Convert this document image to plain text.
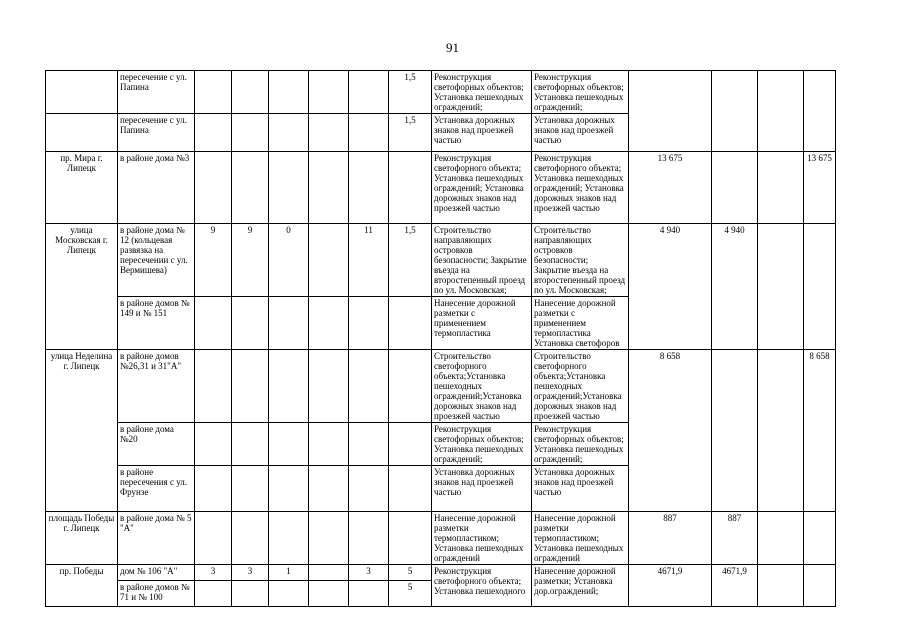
91
	пересечение с ул. Папина						1,5	Реконструкция светофорных объектов; Установка пешеходных ограждений;	Реконструкция светофорных объектов; Установка пешеходных ограждений;				
	пересечение с ул. Папина						1,5	Установка дорожных знаков над проезжей частью	Установка дорожных знаков над проезжей частью				
пр. Мира г. Липецк	в районе дома №3							Реконструкция светофорного объекта; Установка пешеходных ограждений; Установка дорожных знаков над проезжей частью	Реконструкция светофорного объекта; Установка пешеходных ограждений; Установка дорожных знаков над проезжей частью	13 675			13 675
улица Московская г. Липецк	в районе дома № 12 (кольцевая развязка на пересечении с ул. Вермишева)	9	9	0		11	1,5	Строительство направляющих островков безопасности; Закрытие въезда на второстепенный проезд по ул. Московская;	Строительство направляющих островков безопасности; Закрытие въезда на второстепенный проезд по ул. Московская;	4 940	4 940		
	в районе домов № 149 и № 151							Нанесение дорожной разметки с применением термопластика	Нанесение дорожной разметки с применением термопластика Установка светофоров				
улица Неделина г. Липецк	в районе домов №26,31 и 31"А"							Строительство светофорного объекта;Установка пешеходных ограждений;Установка дорожных знаков над проезжей частью	Строительство светофорного объекта;Установка пешеходных ограждений;Установка дорожных знаков над проезжей частью	8 658			8 658
	в районе дома №20							Реконструкция светофорных объектов; Установка пешеходных ограждений;	Реконструкция светофорных объектов; Установка пешеходных ограждений;				
	в районе пересечения с ул. Фрунзе							Установка дорожных знаков над проезжей частью	Установка дорожных знаков над проезжей частью				
площадь Победы г. Липецк	в районе дома № 5 "А"							Нанесение дорожной разметки термопластиком; Установка пешеходных ограждений	Нанесение дорожной разметки термопластиком; Установка пешеходных ограждений	887	887		
пр. Победы	дом № 106 "А"	3	3	1		3	5	Реконструкция светофорного объекта; Установка пешеходного	Нанесение дорожной разметки; Установка дор.ограждений;	4671,9	4671,9		
	в районе домов № 71 и № 100						5						
